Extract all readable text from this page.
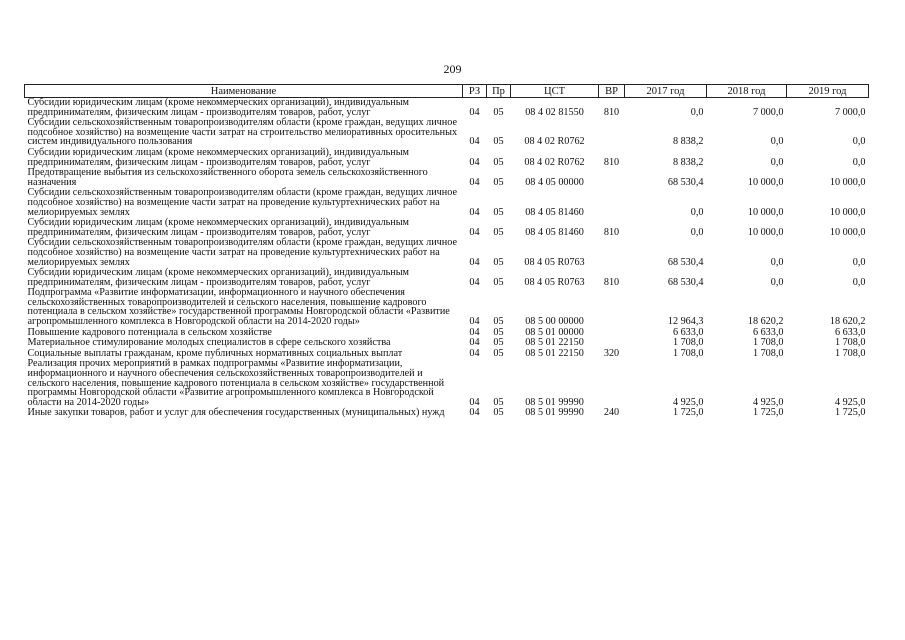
209
Наименование	РЗ	Пр	ЦСТ	ВР	2017 год	2018 год	2019 год
Субсидии юридическим лицам (кроме некоммерческих организаций), индивидуальным предпринимателям, физическим лицам - производителям товаров, работ, услуг	04	05	08 4 02 81550	810	0,0	7 000,0	7 000,0
Субсидии сельскохозяйственным товаропроизводителям области (кроме граждан, ведущих личное подсобное хозяйство) на возмещение части затрат на строительство мелиоративных оросительных систем индивидуального пользования	04	05	08 4 02 R0762		8 838,2	0,0	0,0
Субсидии юридическим лицам (кроме некоммерческих организаций), индивидуальным предпринимателям, физическим лицам - производителям товаров, работ, услуг	04	05	08 4 02 R0762	810	8 838,2	0,0	0,0
Предотвращение выбытия из сельскохозяйственного оборота земель сельскохозяйственного назначения	04	05	08 4 05 00000		68 530,4	10 000,0	10 000,0
Субсидии сельскохозяйственным товаропроизводителям области (кроме граждан, ведущих личное подсобное хозяйство) на возмещение части затрат на проведение культуртехнических работ на мелиорируемых землях	04	05	08 4 05 81460		0,0	10 000,0	10 000,0
Субсидии юридическим лицам (кроме некоммерческих организаций), индивидуальным предпринимателям, физическим лицам - производителям товаров, работ, услуг	04	05	08 4 05 81460	810	0,0	10 000,0	10 000,0
Субсидии сельскохозяйственным товаропроизводителям области (кроме граждан, ведущих личное подсобное хозяйство) на возмещение части затрат на проведение культуртехнических работ на мелиорируемых землях	04	05	08 4 05 R0763		68 530,4	0,0	0,0
Субсидии юридическим лицам (кроме некоммерческих организаций), индивидуальным предпринимателям, физическим лицам - производителям товаров, работ, услуг	04	05	08 4 05 R0763	810	68 530,4	0,0	0,0
Подпрограмма «Развитие информатизации, информационного и научного обеспечения сельскохозяйственных товаропроизводителей и сельского населения, повышение кадрового потенциала в сельском хозяйстве» государственной программы Новгородской области «Развитие агропромышленного комплекса в Новгородской области на 2014-2020 годы»	04	05	08 5 00 00000		12 964,3	18 620,2	18 620,2
Повышение кадрового потенциала в сельском хозяйстве	04	05	08 5 01 00000		6 633,0	6 633,0	6 633,0
Материальное стимулирование молодых специалистов в сфере сельского хозяйства	04	05	08 5 01 22150		1 708,0	1 708,0	1 708,0
Социальные выплаты гражданам, кроме публичных нормативных социальных выплат	04	05	08 5 01 22150	320	1 708,0	1 708,0	1 708,0
Реализация прочих мероприятий в рамках подпрограммы «Развитие информатизации, информационного и научного обеспечения сельскохозяйственных товаропроизводителей и сельского населения, повышение кадрового потенциала в сельском хозяйстве» государственной программы Новгородской области «Развитие агропромышленного комплекса в Новгородской области на 2014-2020 годы»	04	05	08 5 01 99990		4 925,0	4 925,0	4 925,0
Иные закупки товаров, работ и услуг для обеспечения государственных (муниципальных) нужд	04	05	08 5 01 99990	240	1 725,0	1 725,0	1 725,0
